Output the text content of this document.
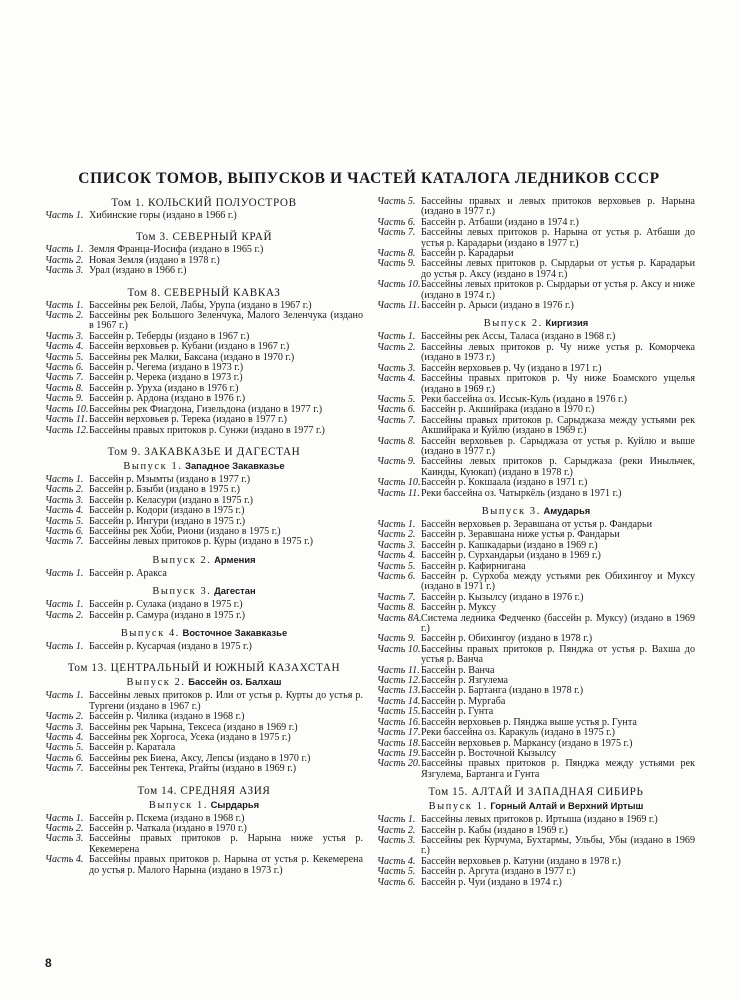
СПИСОК ТОМОВ, ВЫПУСКОВ И ЧАСТЕЙ КАТАЛОГА ЛЕДНИКОВ СССР
Том 1. КОЛЬСКИЙ ПОЛУОСТРОВ
Часть 1. Хибинские горы (издано в 1966 г.)
Том 3. СЕВЕРНЫЙ КРАЙ
Часть 1. Земля Франца-Иосифа (издано в 1965 г.)
Часть 2. Новая Земля (издано в 1978 г.)
Часть 3. Урал (издано в 1966 г.)
Том 8. СЕВЕРНЫЙ КАВКАЗ
Часть 1. Бассейны рек Белой, Лабы, Урупа (издано в 1967 г.)
Часть 2. Бассейны рек Большого Зеленчука, Малого Зеленчука (издано в 1967 г.)
Часть 3. Бассейн р. Теберды (издано в 1967 г.)
Часть 4. Бассейн верховьев р. Кубани (издано в 1967 г.)
Часть 5. Бассейны рек Малки, Баксана (издано в 1970 г.)
Часть 6. Бассейн р. Чегема (издано в 1973 г.)
Часть 7. Бассейн р. Черека (издано в 1973 г.)
Часть 8. Бассейн р. Уруха (издано в 1976 г.)
Часть 9. Бассейн р. Ардона (издано в 1976 г.)
Часть 10. Бассейны рек Фиагдона, Гизельдона (издано в 1977 г.)
Часть 11. Бассейн верховьев р. Терека (издано в 1977 г.)
Часть 12. Бассейны правых притоков р. Сунжи (издано в 1977 г.)
Том 9. ЗАКАВКАЗЬЕ И ДАГЕСТАН
Выпуск 1. Западное Закавказье
Часть 1. Бассейн р. Мзымты (издано в 1977 г.)
Часть 2. Бассейн р. Бзыби (издано в 1975 г.)
Часть 3. Бассейн р. Келасури (издано в 1975 г.)
Часть 4. Бассейн р. Кодори (издано в 1975 г.)
Часть 5. Бассейн р. Ингури (издано в 1975 г.)
Часть 6. Бассейны рек Хоби, Риони (издано в 1975 г.)
Часть 7. Бассейны левых притоков р. Куры (издано в 1975 г.)
Выпуск 2. Армения
Часть 1. Бассейн р. Аракса
Выпуск 3. Дагестан
Часть 1. Бассейн р. Сулака (издано в 1975 г.)
Часть 2. Бассейн р. Самура (издано в 1975 г.)
Выпуск 4. Восточное Закавказье
Часть 1. Бассейн р. Кусарчая (издано в 1975 г.)
Том 13. ЦЕНТРАЛЬНЫЙ И ЮЖНЫЙ КАЗАХСТАН
Выпуск 2. Бассейн оз. Балхаш
Часть 1. Бассейны левых притоков р. Или от устья р. Курты до устья р. Тургени (издано в 1967 г.)
Часть 2. Бассейн р. Чилика (издано в 1968 г.)
Часть 3. Бассейны рек Чарына, Тексеса (издано в 1969 г.)
Часть 4. Бассейны рек Хоргоса, Усека (издано в 1975 г.)
Часть 5. Бассейн р. Каратала
Часть 6. Бассейны рек Биена, Аксу, Лепсы (издано в 1970 г.)
Часть 7. Бассейны рек Тентека, Ргайты (издано в 1969 г.)
Том 14. СРЕДНЯЯ АЗИЯ
Выпуск 1. Сырдарья
Часть 1. Бассейн р. Пскема (издано в 1968 г.)
Часть 2. Бассейн р. Чаткала (издано в 1970 г.)
Часть 3. Бассейны правых притоков р. Нарына ниже устья р. Кекемерена
Часть 4. Бассейны правых притоков р. Нарына от устья р. Кекемерена до устья р. Малого Нарына (издано в 1973 г.)
Часть 5. Бассейны правых и левых притоков верховьев р. Нарына (издано в 1977 г.)
Часть 6. Бассейн р. Атбаши (издано в 1974 г.)
Часть 7. Бассейны левых притоков р. Нарына от устья р. Атбаши до устья р. Карадарьи (издано в 1977 г.)
Часть 8. Бассейн р. Карадарьи
Часть 9. Бассейны левых притоков р. Сырдарьи от устья р. Карадарьи до устья р. Аксу (издано в 1974 г.)
Часть 10. Бассейны левых притоков р. Сырдарьи от устья р. Аксу и ниже (издано в 1974 г.)
Часть 11. Бассейн р. Арыси (издано в 1976 г.)
Выпуск 2. Киргизия
Часть 1. Бассейны рек Ассы, Таласа (издано в 1968 г.)
Часть 2. Бассейны левых притоков р. Чу ниже устья р. Коморчека (издано в 1973 г.)
Часть 3. Бассейн верховьев р. Чу (издано в 1971 г.)
Часть 4. Бассейны правых притоков р. Чу ниже Боамского ущелья (издано в 1969 г.)
Часть 5. Реки бассейна оз. Иссык-Куль (издано в 1976 г.)
Часть 6. Бассейн р. Акшийрака (издано в 1970 г.)
Часть 7. Бассейны правых притоков р. Сарыджаза между устьями рек Акшийрака и Куйлю (издано в 1969 г.)
Часть 8. Бассейн верховьев р. Сарыджаза от устья р. Куйлю и выше (издано в 1977 г.)
Часть 9. Бассейны левых притоков р. Сарыджаза (реки Иныльчек, Каинды, Куюкап) (издано в 1978 г.)
Часть 10. Бассейн р. Кокшаала (издано в 1971 г.)
Часть 11. Реки бассейна оз. Чатыркёль (издано в 1971 г.)
Выпуск 3. Амударья
Часть 1. Бассейн верховьев р. Зеравшана от устья р. Фандарьи
Часть 2. Бассейн р. Зеравшана ниже устья р. Фандарьи
Часть 3. Бассейн р. Кашкадарьи (издано в 1969 г.)
Часть 4. Бассейн р. Сурхандарьи (издано в 1969 г.)
Часть 5. Бассейн р. Кафирнигана
Часть 6. Бассейн р. Сурхоба между устьями рек Обихингоу и Муксу (издано в 1971 г.)
Часть 7. Бассейн р. Кызылсу (издано в 1976 г.)
Часть 8. Бассейн р. Муксу
Часть 8А. Система ледника Федченко (бассейн р. Муксу) (издано в 1969 г.)
Часть 9. Бассейн р. Обихингоу (издано в 1978 г.)
Часть 10. Бассейны правых притоков р. Пянджа от устья р. Вахша до устья р. Ванча
Часть 11. Бассейн р. Ванча
Часть 12. Бассейн р. Язгулема
Часть 13. Бассейн р. Бартанга (издано в 1978 г.)
Часть 14. Бассейн р. Мургаба
Часть 15. Бассейн р. Гунта
Часть 16. Бассейн верховьев р. Пянджа выше устья р. Гунта
Часть 17. Реки бассейна оз. Каракуль (издано в 1975 г.)
Часть 18. Бассейн верховьев р. Маркансу (издано в 1975 г.)
Часть 19. Бассейн р. Восточной Кызылсу
Часть 20. Бассейны правых притоков р. Пянджа между устьями рек Язгулема, Бартанга и Гунта
Том 15. АЛТАЙ И ЗАПАДНАЯ СИБИРЬ
Выпуск 1. Горный Алтай и Верхний Иртыш
Часть 1. Бассейны левых притоков р. Иртыша (издано в 1969 г.)
Часть 2. Бассейн р. Кабы (издано в 1969 г.)
Часть 3. Бассейны рек Курчума, Бухтармы, Ульбы, Убы (издано в 1969 г.)
Часть 4. Бассейн верховьев р. Катуни (издано в 1978 г.)
Часть 5. Бассейн р. Аргута (издано в 1977 г.)
Часть 6. Бассейн р. Чуи (издано в 1974 г.)
8
